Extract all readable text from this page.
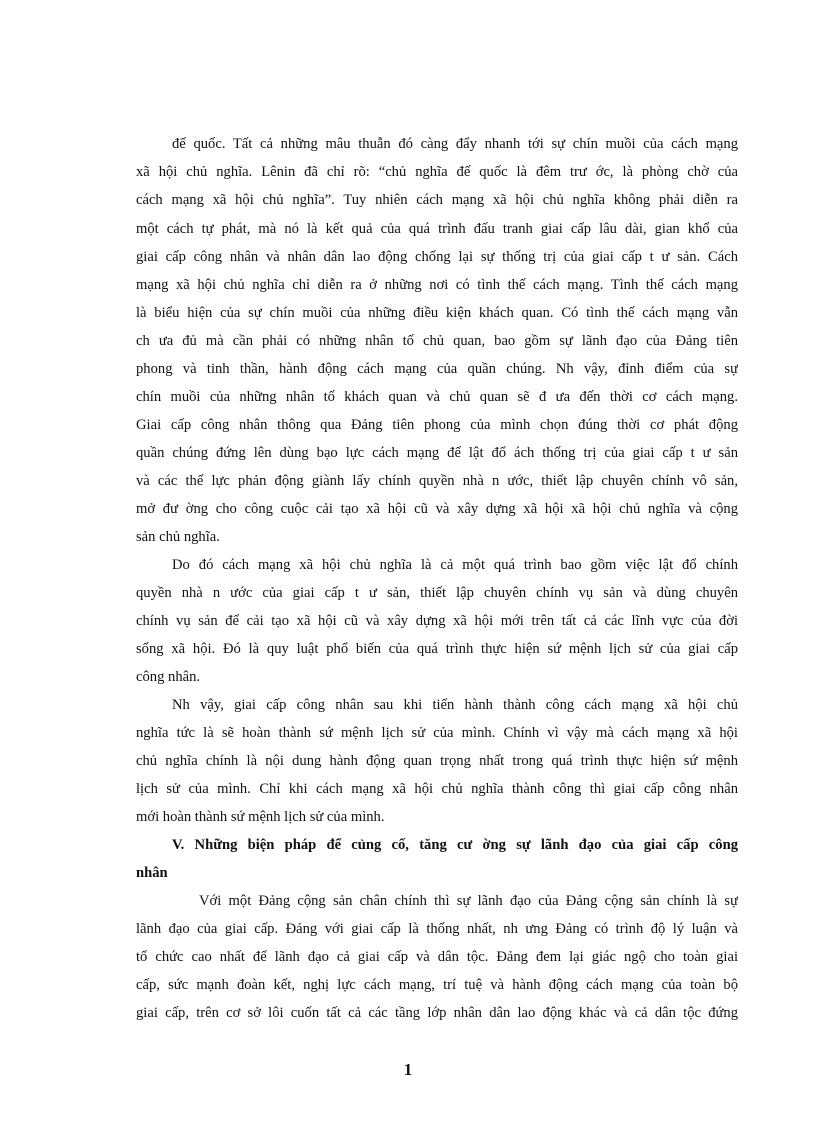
đế quốc. Tất cả những mâu thuẫn đó càng đẩy nhanh tới sự chín muồi của cách mạng
xã hội chủ nghĩa. Lênin đã chỉ rõ: “chủ nghĩa đế quốc là đêm trư ớc, là phòng chờ của
cách mạng xã hội chủ nghĩa”. Tuy nhiên cách mạng xã hội chủ nghĩa không phải diễn ra
một cách tự phát, mà nó là kết quả của quá trình đấu tranh giai cấp lâu dài, gian khổ của
giai cấp công nhân và nhân dân lao động chống lại sự thống trị của giai cấp t ư sản. Cách
mạng xã hội chủ nghĩa chỉ diễn ra ở những nơi có tình thế cách mạng. Tình thế cách mạng
là biểu hiện của sự chín muồi của những điều kiện khách quan. Có tình thế cách mạng vẫn
ch ưa đủ mà cần phải có những nhân tố chủ quan, bao gồm sự lãnh đạo của Đảng tiên
phong và tinh thần, hành động cách mạng của quần chúng. Nh vậy, đỉnh điểm của sự
chín muồi của những nhân tố khách quan và chủ quan sẽ đ ưa đến thời cơ cách mạng.
Giai cấp công nhân thông qua Đảng tiên phong của mình chọn đúng thời cơ phát động
quần chúng đứng lên dùng bạo lực cách mạng để lật đổ ách thống trị của giai cấp t ư sản
và các thế lực phản động giành lấy chính quyền nhà n ước, thiết lập chuyên chính vô sản,
mở đư ờng cho công cuộc cải tạo xã hội cũ và xây dựng xã hội xã hội chủ nghĩa và cộng
sản chủ nghĩa.
Do đó cách mạng xã hội chủ nghĩa là cả một quá trình bao gồm việc lật đổ chính
quyền nhà n ước của giai cấp t ư sản, thiết lập chuyên chính vụ sản và dùng chuyên
chính vụ sản để cải tạo xã hội cũ và xây dựng xã hội mới trên tất cả các lĩnh vực của đời
sống xã hội. Đó là quy luật phổ biến của quá trình thực hiện sứ mệnh lịch sử của giai cấp
công nhân.
Nh vậy, giai cấp công nhân sau khi tiến hành thành công cách mạng xã hội chủ
nghĩa tức là sẽ hoàn thành sứ mệnh lịch sử của mình. Chính vì vậy mà cách mạng xã hội
chủ nghĩa chính là nội dung hành động quan trọng nhất trong quá trình thực hiện sứ mệnh
lịch sử của mình. Chỉ khi cách mạng xã hội chủ nghĩa thành công thì giai cấp công nhân
mới hoàn thành sứ mệnh lịch sử của mình.
V. Những biện pháp để củng cố, tăng cư ờng sự lãnh đạo của giai cấp công
nhân
Với một Đảng cộng sản chân chính thì sự lãnh đạo của Đảng cộng sản chính là sự
lãnh đạo của giai cấp. Đảng với giai cấp là thống nhất, nh ưng Đảng có trình độ lý luận và
tổ chức cao nhất để lãnh đạo cả giai cấp và dân tộc. Đảng đem lại giác ngộ cho toàn giai
cấp, sức mạnh đoàn kết, nghị lực cách mạng, trí tuệ và hành động cách mạng của toàn bộ
giai cấp, trên cơ sở lôi cuốn tất cả các tầng lớp nhân dân lao động khác và cả dân tộc đứng
1
